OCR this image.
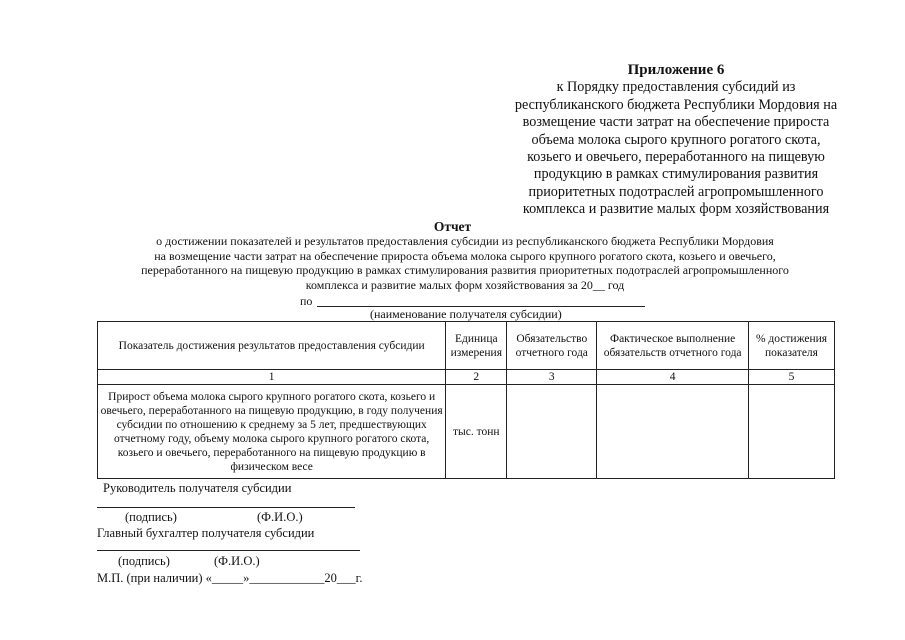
Приложение 6
к Порядку предоставления субсидий из
республиканского бюджета Республики Мордовия на
возмещение части затрат на обеспечение прироста
объема молока сырого крупного рогатого скота,
козьего и овечьего, переработанного на пищевую
продукцию в рамках стимулирования развития
приоритетных подотраслей агропромышленного
комплекса и развитие малых форм хозяйствования
Отчет
о достижении показателей и результатов предоставления субсидии из республиканского бюджета Республики Мордовия
на возмещение части затрат на обеспечение прироста объема молока сырого крупного рогатого скота, козьего и овечьего,
переработанного на пищевую продукцию в рамках стимулирования развития приоритетных подотраслей агропромышленного
комплекса и развитие малых форм хозяйствования за 20__ год
по
(наименование получателя субсидии)
Показатель достижения результатов предоставления субсидии	Единица измерения	Обязательство отчетного года	Фактическое выполнение обязательств отчетного года	% достижения показателя
1	2	3	4	5
Прирост объема молока сырого крупного рогатого скота, козьего и овечьего, переработанного на пищевую продукцию, в году получения субсидии по отношению к среднему за 5 лет, предшествующих отчетному году, объему молока сырого крупного рогатого скота, козьего и овечьего, переработанного на пищевую продукцию в физическом весе	тыс. тонн			
Руководитель получателя субсидии
(подпись)	(Ф.И.О.)
Главный бухгалтер получателя субсидии
(подпись)	(Ф.И.О.)
М.П. (при наличии) «_____»____________20___г.
